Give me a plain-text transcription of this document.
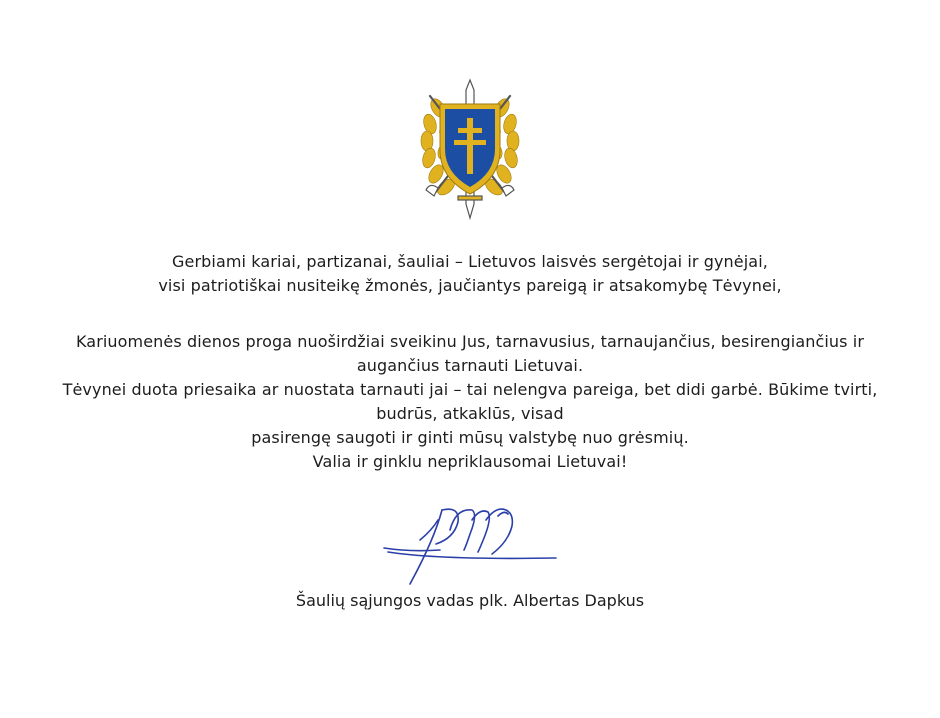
Gerbiami kariai, partizanai, šauliai – Lietuvos laisvės sergėtojai ir gynėjai,
visi patriotiškai nusiteikę žmonės, jaučiantys pareigą ir atsakomybę Tėvynei,
Kariuomenės dienos proga nuoširdžiai sveikinu Jus, tarnavusius, tarnaujančius, besirengiančius ir
augančius tarnauti Lietuvai.
Tėvynei duota priesaika ar nuostata tarnauti jai – tai nelengva pareiga, bet didi garbė. Būkime tvirti,
budrūs, atkaklūs, visad
pasirengę saugoti ir ginti mūsų valstybę nuo grėsmių.
Valia ir ginklu nepriklausomai Lietuvai!
Šaulių sąjungos vadas plk. Albertas Dapkus
